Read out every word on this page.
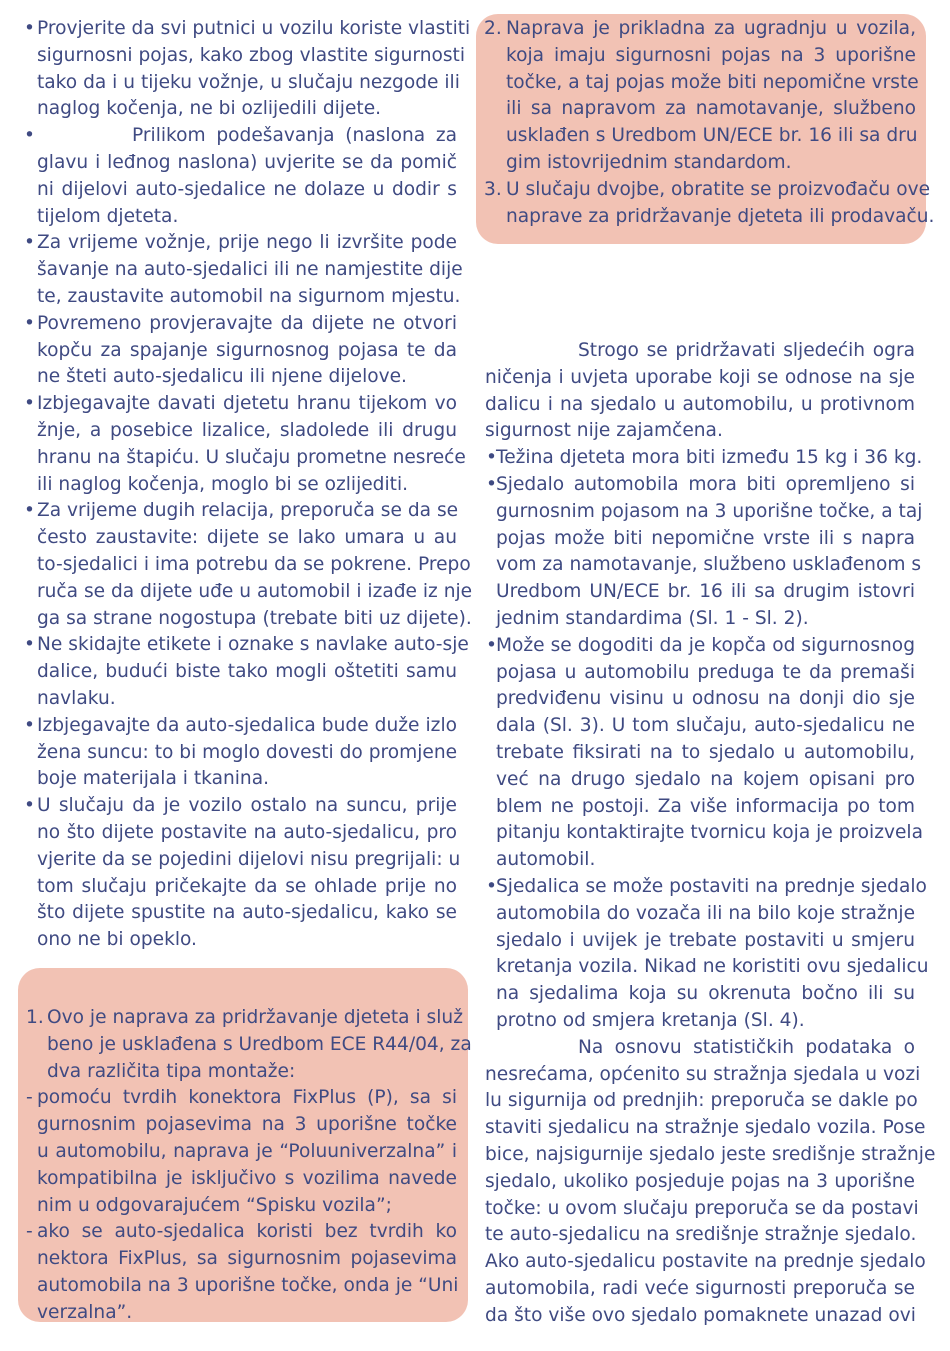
• Provjerite da svi putnici u vozilu koriste vlastiti
sigurnosni pojas, kako zbog vlastite sigurnosti
tako da i u tijeku vožnje, u slučaju nezgode ili
naglog kočenja, ne bi ozlijedili dijete.
•	Prilikom podešavanja (naslona za
glavu i leđnog naslona) uvjerite se da pomič
ni dijelovi auto-sjedalice ne dolaze u dodir s
tijelom djeteta.
• Za vrijeme vožnje, prije nego li izvršite pode
šavanje na auto-sjedalici ili ne namjestite dije
te, zaustavite automobil na sigurnom mjestu.
• Povremeno provjeravajte da dijete ne otvori
kopču za spajanje sigurnosnog pojasa te da
ne šteti auto-sjedalicu ili njene dijelove.
• Izbjegavajte davati djetetu hranu tijekom vo
žnje, a posebice lizalice, sladolede ili drugu
hranu na štapiću. U slučaju prometne nesreće
ili naglog kočenja, moglo bi se ozlijediti.
• Za vrijeme dugih relacija, preporuča se da se
često zaustavite: dijete se lako umara u au
to-sjedalici i ima potrebu da se pokrene. Prepo
ruča se da dijete uđe u automobil i izađe iz nje
ga sa strane nogostupa (trebate biti uz dijete).
• Ne skidajte etikete i oznake s navlake auto-sje
dalice, budući biste tako mogli oštetiti samu
navlaku.
• Izbjegavajte da auto-sjedalica bude duže izlo
žena suncu: to bi moglo dovesti do promjene
boje materijala i tkanina.
• U slučaju da je vozilo ostalo na suncu, prije
no što dijete postavite na auto-sjedalicu, pro
vjerite da se pojedini dijelovi nisu pregrijali: u
tom slučaju pričekajte da se ohlade prije no
što dijete spustite na auto-sjedalicu, kako se
ono ne bi opeklo.
1. Ovo je naprava za pridržavanje djeteta i služ
beno je usklađena s Uredbom ECE R44/04, za
dva različita tipa montaže:
- pomoću tvrdih konektora FixPlus (P), sa si
gurnosnim pojasevima na 3 uporišne točke
u automobilu, naprava je “Poluuniverzalna” i
kompatibilna je isključivo s vozilima navede
nim u odgovarajućem “Spisku vozila”;
- ako se auto-sjedalica koristi bez tvrdih ko
nektora FixPlus, sa sigurnosnim pojasevima
automobila na 3 uporišne točke, onda je “Uni
verzalna”.
2. Naprava je prikladna za ugradnju u vozila,
koja imaju sigurnosni pojas na 3 uporišne
točke, a taj pojas može biti nepomične vrste
ili sa napravom za namotavanje, službeno
usklađen s Uredbom UN/ECE br. 16 ili sa dru
gim istovrijednim standardom.
3. U slučaju dvojbe, obratite se proizvođaču ove
naprave za pridržavanje djeteta ili prodavaču.
Strogo se pridržavati sljedećih ogra
ničenja i uvjeta uporabe koji se odnose na sje
dalicu i na sjedalo u automobilu, u protivnom
sigurnost nije zajamčena.
• Težina djeteta mora biti između 15 kg i 36 kg.
• Sjedalo automobila mora biti opremljeno si
gurnosnim pojasom na 3 uporišne točke, a taj
pojas može biti nepomične vrste ili s napra
vom za namotavanje, službeno usklađenom s
Uredbom UN/ECE br. 16 ili sa drugim istovri
jednim standardima (Sl. 1 - Sl. 2).
• Može se dogoditi da je kopča od sigurnosnog
pojasa u automobilu preduga te da premaši
predviđenu visinu u odnosu na donji dio sje
dala (Sl. 3). U tom slučaju, auto-sjedalicu ne
trebate fiksirati na to sjedalo u automobilu,
već na drugo sjedalo na kojem opisani pro
blem ne postoji. Za više informacija po tom
pitanju kontaktirajte tvornicu koja je proizvela
automobil.
• Sjedalica se može postaviti na prednje sjedalo
automobila do vozača ili na bilo koje stražnje
sjedalo i uvijek je trebate postaviti u smjeru
kretanja vozila. Nikad ne koristiti ovu sjedalicu
na sjedalima koja su okrenuta bočno ili su
protno od smjera kretanja (Sl. 4).
Na osnovu statističkih podataka o
nesrećama, općenito su stražnja sjedala u vozi
lu sigurnija od prednjih: preporuča se dakle po
staviti sjedalicu na stražnje sjedalo vozila. Pose
bice, najsigurnije sjedalo jeste središnje stražnje
sjedalo, ukoliko posjeduje pojas na 3 uporišne
točke: u ovom slučaju preporuča se da postavi
te auto-sjedalicu na središnje stražnje sjedalo.
Ako auto-sjedalicu postavite na prednje sjedalo
automobila, radi veće sigurnosti preporuča se
da što više ovo sjedalo pomaknete unazad ovi
